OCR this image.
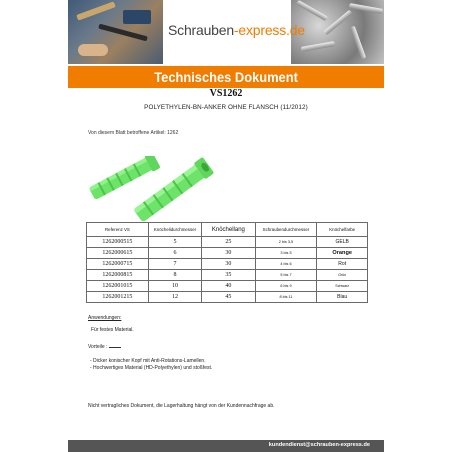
Schrauben-express.de
Technisches Dokument
VS1262
POLYETHYLEN-BN-ANKER OHNE FLANSCH (11/2012)
Von diesem Blatt betroffene Artikel: 1262
Referenz VS	Knöchelidurchmesser	Knöchellang	Schraubendurchmesser	Knöchelfarbe
1262000515	5	25	2 bis 3,5	GELB
1262000615	6	30	3 bis 5	Orange
1262000715	7	30	4 bis 6	Rot
1262000815	8	35	5 bis 7	Grün
1262001015	10	40	6 bis 9	Schwarz
1262001215	12	45	8 bis 11	Blau
Anwendungen:
Für festes Material.
Vorteile :
- Dicker konischer Kopf mit Anti-Rotations-Lamellen.
- Hochwertiges Material (HD-Polyethylen) und stoßfest.
Nicht vertragliches Dokument, die Lagerhaltung hängt von der Kundennachfrage ab.
kundendienst@schrauben-express.de
